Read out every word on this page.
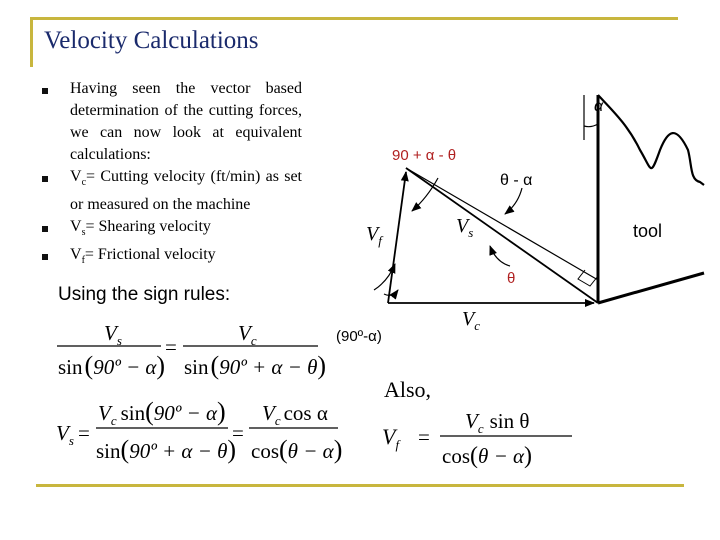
Velocity Calculations
Having seen the vector based determination of the cutting forces, we can now look at equivalent calculations:
$V_c=$ Cutting velocity (ft/min) as set or measured on the machine
$V_s=$ Shearing velocity
$V_f=$ Frictional velocity
Using the sign rules:
α
90 + α - θ
θ - α
θ
tool
$V_f$
$V_s$
$V_c$
(90º-α)
$V_s$
sin(90º − α)
=
$V_c$
sin(90º + α − θ)
$V_s$ =
$V_c$ sin(90º − α)
sin(90º + α − θ)
=
$V_c$ cos α
cos(θ − α)
Also,
$V_f$ =
$V_c$ sin θ
cos(θ − α)
